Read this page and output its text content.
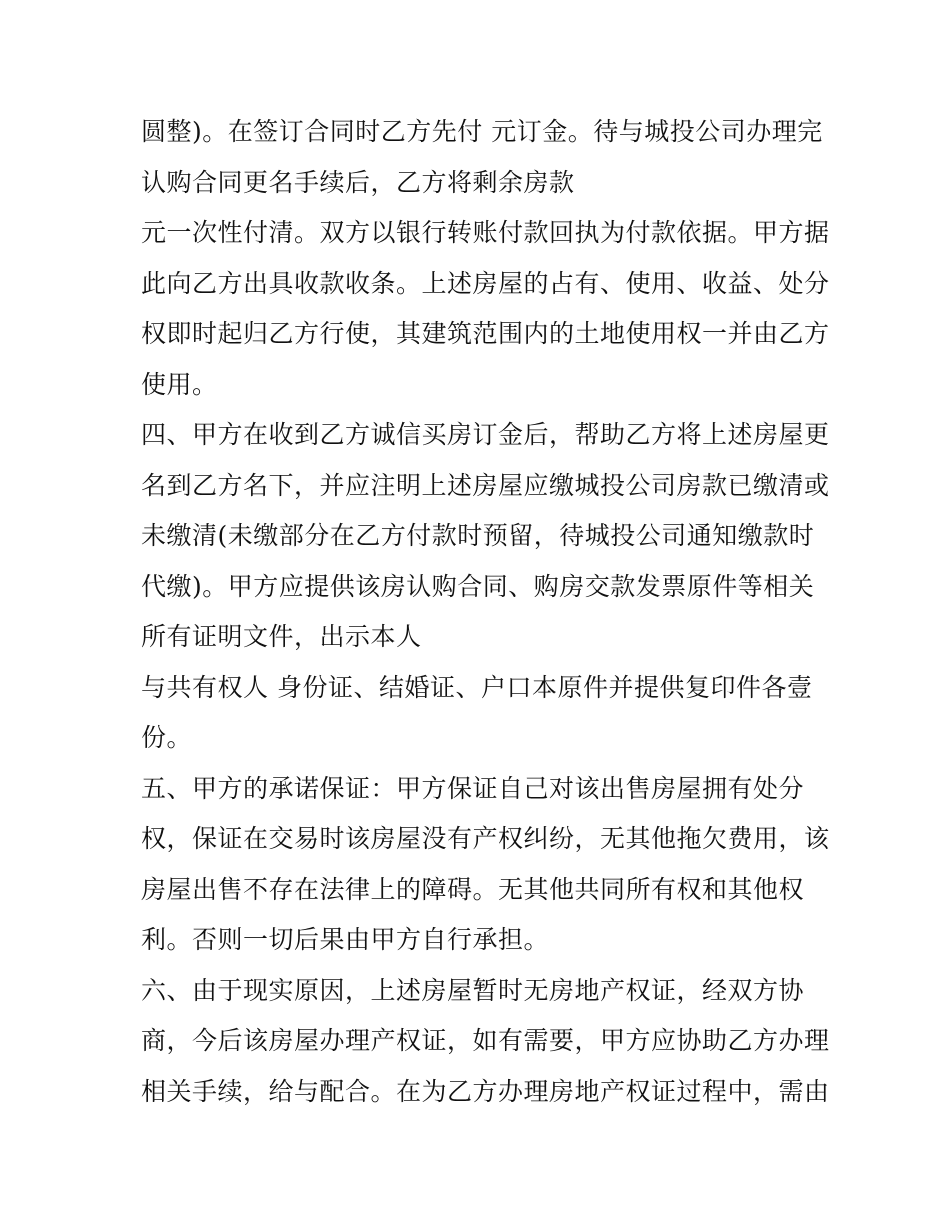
圆整)。在签订合同时乙方先付 元订金。待与城投公司办理完
认购合同更名手续后，乙方将剩余房款
元一次性付清。双方以银行转账付款回执为付款依据。甲方据
此向乙方出具收款收条。上述房屋的占有、使用、收益、处分
权即时起归乙方行使，其建筑范围内的土地使用权一并由乙方
使用。
四、甲方在收到乙方诚信买房订金后，帮助乙方将上述房屋更
名到乙方名下，并应注明上述房屋应缴城投公司房款已缴清或
未缴清(未缴部分在乙方付款时预留，待城投公司通知缴款时
代缴)。甲方应提供该房认购合同、购房交款发票原件等相关
所有证明文件，出示本人
与共有权人 身份证、结婚证、户口本原件并提供复印件各壹
份。
五、甲方的承诺保证：甲方保证自己对该出售房屋拥有处分
权，保证在交易时该房屋没有产权纠纷，无其他拖欠费用，该
房屋出售不存在法律上的障碍。无其他共同所有权和其他权
利。否则一切后果由甲方自行承担。
六、由于现实原因，上述房屋暂时无房地产权证，经双方协
商，今后该房屋办理产权证，如有需要，甲方应协助乙方办理
相关手续，给与配合。在为乙方办理房地产权证过程中，需由
